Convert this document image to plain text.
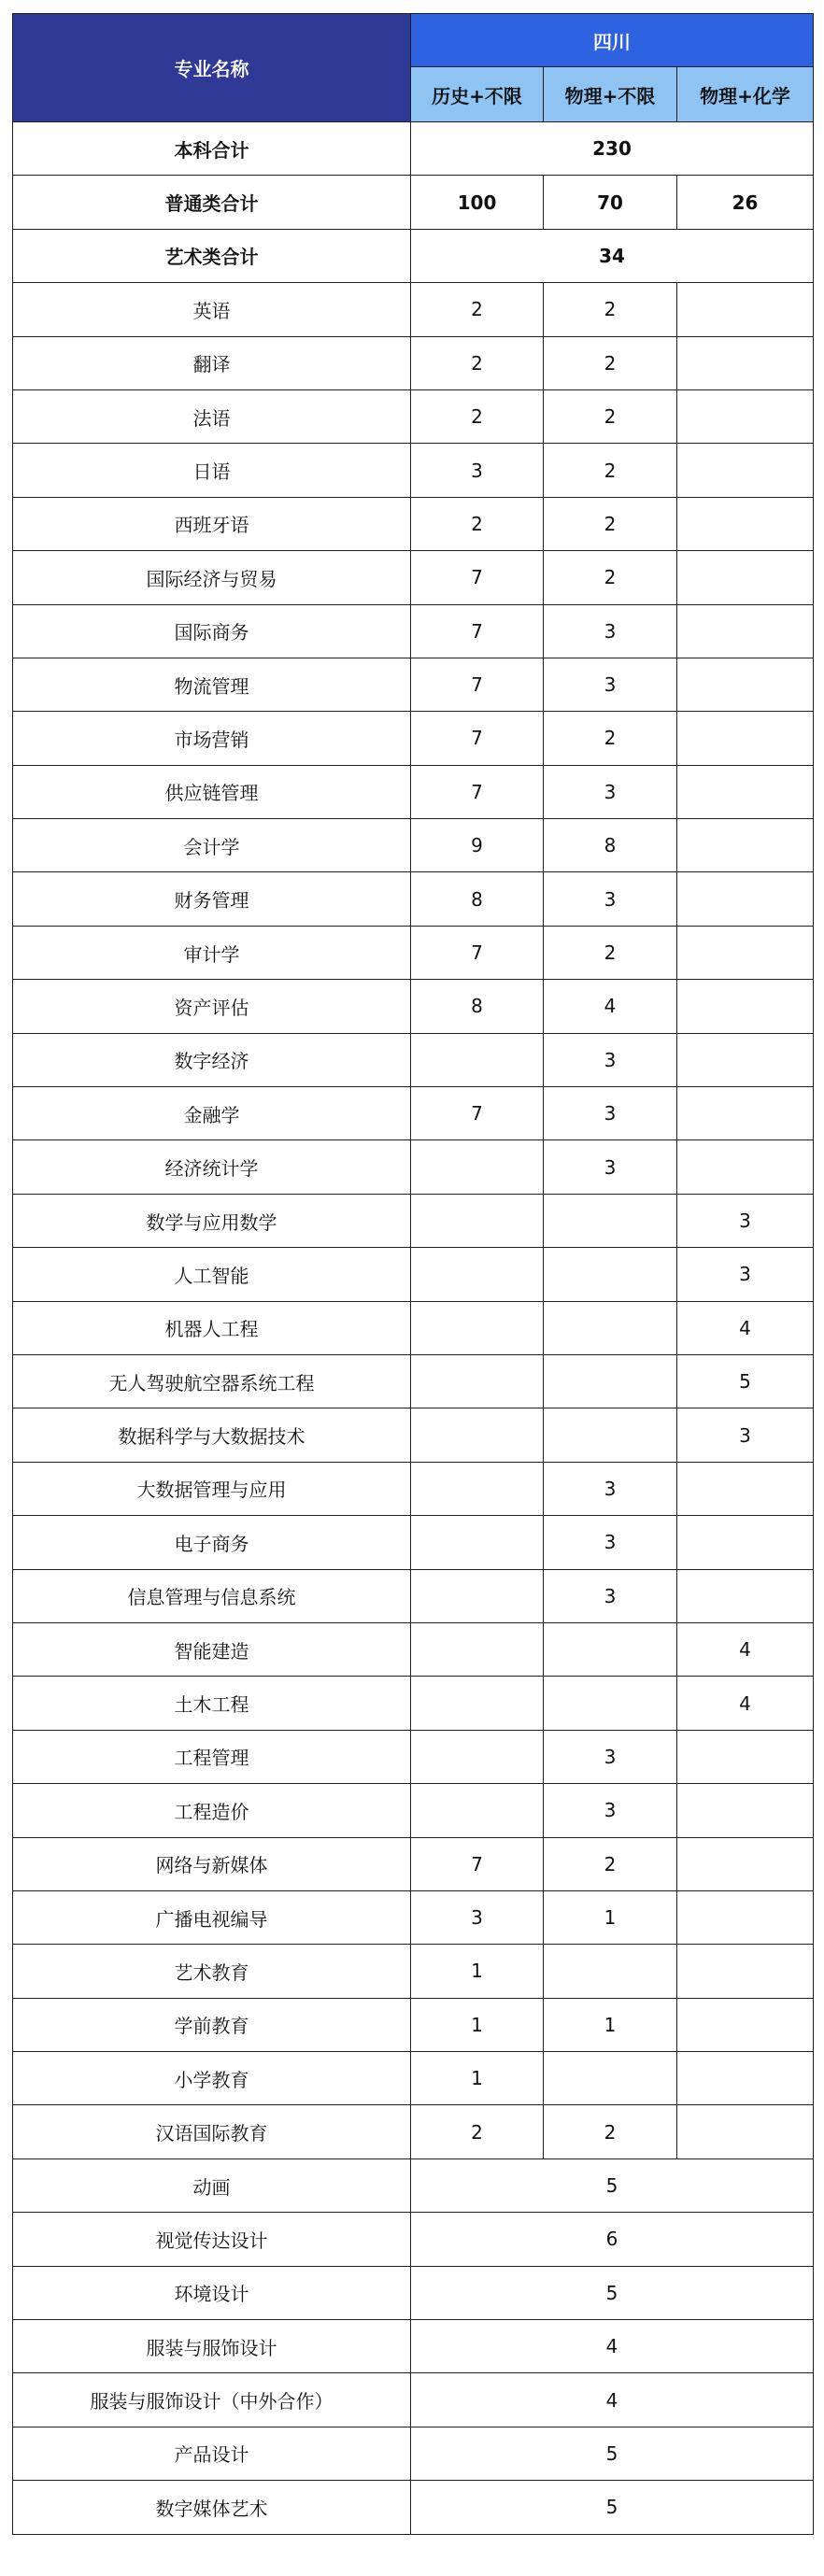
专业名称	四川		
	历史+不限	物理+不限	物理+化学
本科合计	230		
普通类合计	100	70	26
艺术类合计	34		
英语	2	2	
翻译	2	2	
法语	2	2	
日语	3	2	
西班牙语	2	2	
国际经济与贸易	7	2	
国际商务	7	3	
物流管理	7	3	
市场营销	7	2	
供应链管理	7	3	
会计学	9	8	
财务管理	8	3	
审计学	7	2	
资产评估	8	4	
数字经济		3	
金融学	7	3	
经济统计学		3	
数学与应用数学			3
人工智能			3
机器人工程			4
无人驾驶航空器系统工程			5
数据科学与大数据技术			3
大数据管理与应用		3	
电子商务		3	
信息管理与信息系统		3	
智能建造			4
土木工程			4
工程管理		3	
工程造价		3	
网络与新媒体	7	2	
广播电视编导	3	1	
艺术教育	1		
学前教育	1	1	
小学教育	1		
汉语国际教育	2	2	
动画	5		
视觉传达设计	6		
环境设计	5		
服装与服饰设计	4		
服装与服饰设计（中外合作）	4		
产品设计	5		
数字媒体艺术	5		
